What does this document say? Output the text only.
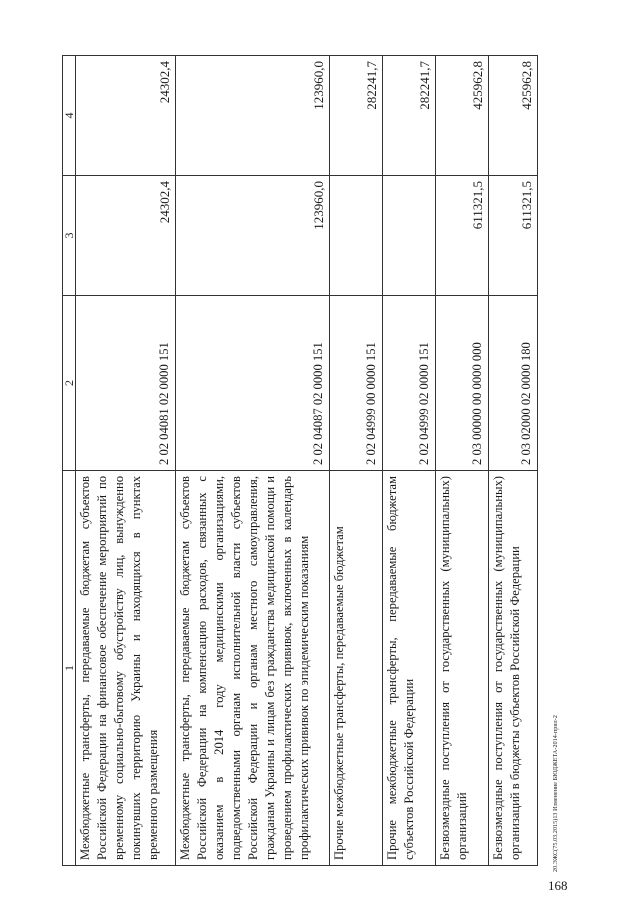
1	2	3	4
Межбюджетные трансферты, передаваемые бюджетам субъектов Российской Федерации на финансовое обеспечение мероприятий по временному социально-бытовому обустройству лиц, вынужденно покинувших территорию Украины и находящихся в пунктах временного размещения	2 02 04081 02 0000 151	24302,4	24302,4
Межбюджетные трансферты, передаваемые бюджетам субъектов Российской Федерации на компенсацию расходов, связанных с оказанием в 2014 году медицинскими организациями, подведомственными органам исполнительной власти субъектов Российской Федерации и органам местного самоуправления, гражданам Украины и лицам без гражданства медицинской помощи и проведением профилактических прививок, включенных в календарь профилактических прививок по эпидемическим показаниям	2 02 04087 02 0000 151	123960,0	123960,0
Прочие межбюджетные трансферты, передаваемые бюджетам	2 02 04999 00 0000 151		282241,7
Прочие межбюджетные трансферты, передаваемые бюджетам субъектов Российской Федерации	2 02 04999 02 0000 151		282241,7
Безвозмездные поступления от государственных (муниципальных) организаций	2 03 00000 00 0000 000	611321,5	425962,8
Безвозмездные поступления от государственных (муниципальных) организаций в бюджеты субъектов Российской Федерации	2 03 02000 02 0000 180	611321,5	425962,8
20.ЭЖС(75.03.2015)13 Изменение БЮДЖЕТА-2014-прил-2
168
